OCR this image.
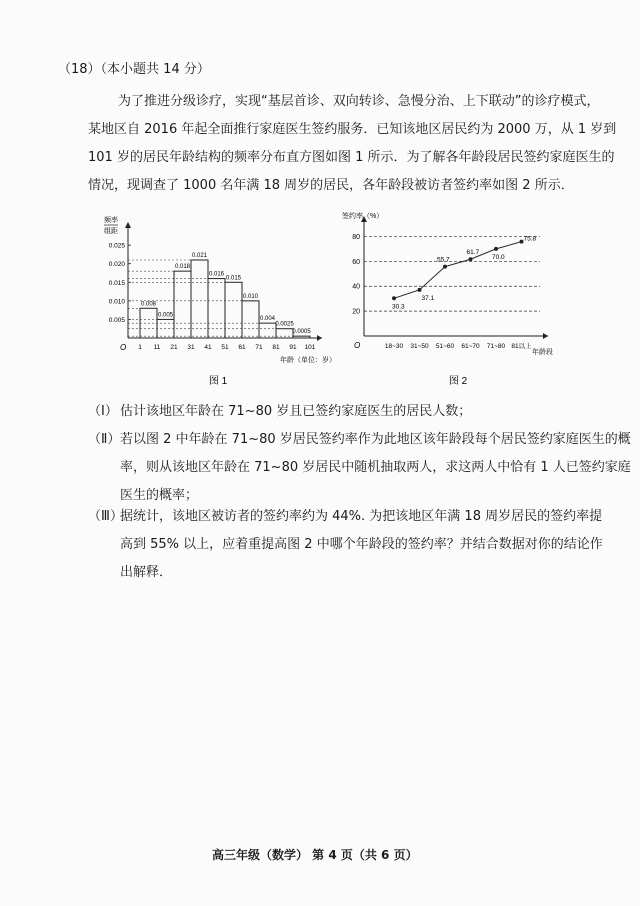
（18）（本小题共 14 分）
为了推进分级诊疗，实现“基层首诊、双向转诊、急慢分治、上下联动”的诊疗模式，
某地区自 2016 年起全面推行家庭医生签约服务．已知该地区居民约为 2000 万，从 1 岁到
101 岁的居民年龄结构的频率分布直方图如图 1 所示．为了解各年龄段居民签约家庭医生的
情况，现调查了 1000 名年满 18 周岁的居民，各年龄段被访者签约率如图 2 所示．
频率
组距
O
年龄（单位：岁）
0.005
0.010
0.015
0.020
0.025
0.008
0.005
0.018
0.021
0.016
0.015
0.010
0.004
0.0025
0.0005
1 11 21 31 41 51 61 71 81 91 101
图 1
签约率（%）
O
年龄段
20
40
60
80
30.3
37.1
55.7
61.7
70.0
75.8
18~30 31~50 51~60 61~70 71~80 81以上
图 2
（Ⅰ） 估计该地区年龄在 71~80 岁且已签约家庭医生的居民人数；
（Ⅱ） 若以图 2 中年龄在 71~80 岁居民签约率作为此地区该年龄段每个居民签约家庭医生的概
率，则从该地区年龄在 71~80 岁居民中随机抽取两人，求这两人中恰有 1 人已签约家庭
医生的概率；
（Ⅲ）
据统计，该地区被访者的签约率约为 44%. 为把该地区年满 18 周岁居民的签约率提
高到 55% 以上，应着重提高图 2 中哪个年龄段的签约率？并结合数据对你的结论作
出解释．
高三年级（数学） 第 4 页（共 6 页）
